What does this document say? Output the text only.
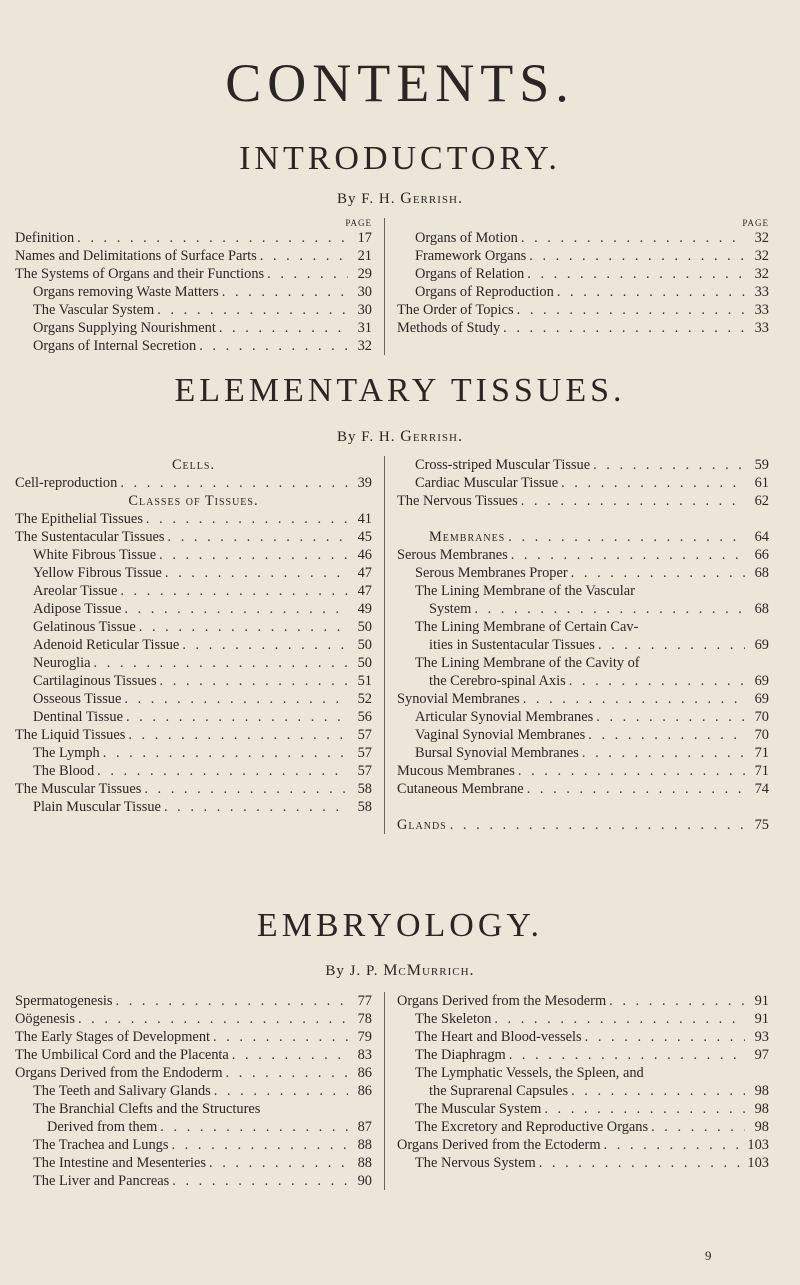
CONTENTS.
INTRODUCTORY.
By F. H. Gerrish.
PAGE
Definition . . .	17
Names and Delimitations of Surface Parts . . .	21
The Systems of Organs and their Functions . . .	29
Organs removing Waste Matters . . .	30
The Vascular System . . .	30
Organs Supplying Nourishment . . .	31
Organs of Internal Secretion . . .	32
PAGE
Organs of Motion . . .	32
Framework Organs . . .	32
Organs of Relation . . .	32
Organs of Reproduction . . .	33
The Order of Topics . . .	33
Methods of Study . . .	33
ELEMENTARY TISSUES.
By F. H. Gerrish.
Cells.
Cell-reproduction . . .	39
Classes of Tissues.
The Epithelial Tissues . . .	41
The Sustentacular Tissues . . .	45
White Fibrous Tissue . . .	46
Yellow Fibrous Tissue . . .	47
Areolar Tissue . . .	47
Adipose Tissue . . .	49
Gelatinous Tissue . . .	50
Adenoid Reticular Tissue . . .	50
Neuroglia . . .	50
Cartilaginous Tissues . . .	51
Osseous Tissue . . .	52
Dentinal Tissue . . .	56
The Liquid Tissues . . .	57
The Lymph . . .	57
The Blood . . .	57
The Muscular Tissues . . .	58
Plain Muscular Tissue . . .	58
Cross-striped Muscular Tissue . . .	59
Cardiac Muscular Tissue . . .	61
The Nervous Tissues . . .	62
Membranes . . .	64
Serous Membranes . . .	66
Serous Membranes Proper . . .	68
The Lining Membrane of the Vascular
System . . .	68
The Lining Membrane of Certain Cav-
ities in Sustentacular Tissues . . .	69
The Lining Membrane of the Cavity of
the Cerebro-spinal Axis . . .	69
Synovial Membranes . . .	69
Articular Synovial Membranes . . .	70
Vaginal Synovial Membranes . . .	70
Bursal Synovial Membranes . . .	71
Mucous Membranes . . .	71
Cutaneous Membrane . . .	74
Glands . . .	75
EMBRYOLOGY.
By J. P. McMurrich.
Spermatogenesis . . .	77
Oögenesis . . .	78
The Early Stages of Development . . .	79
The Umbilical Cord and the Placenta . . .	83
Organs Derived from the Endoderm . . .	86
The Teeth and Salivary Glands . . .	86
The Branchial Clefts and the Structures
Derived from them . . .	87
The Trachea and Lungs . . .	88
The Intestine and Mesenteries . . .	88
The Liver and Pancreas . . .	90
Organs Derived from the Mesoderm . . .	91
The Skeleton . . .	91
The Heart and Blood-vessels . . .	93
The Diaphragm . . .	97
The Lymphatic Vessels, the Spleen, and
the Suprarenal Capsules . . .	98
The Muscular System . . .	98
The Excretory and Reproductive Organs . . .	98
Organs Derived from the Ectoderm . . .	103
The Nervous System . . .	103
9
